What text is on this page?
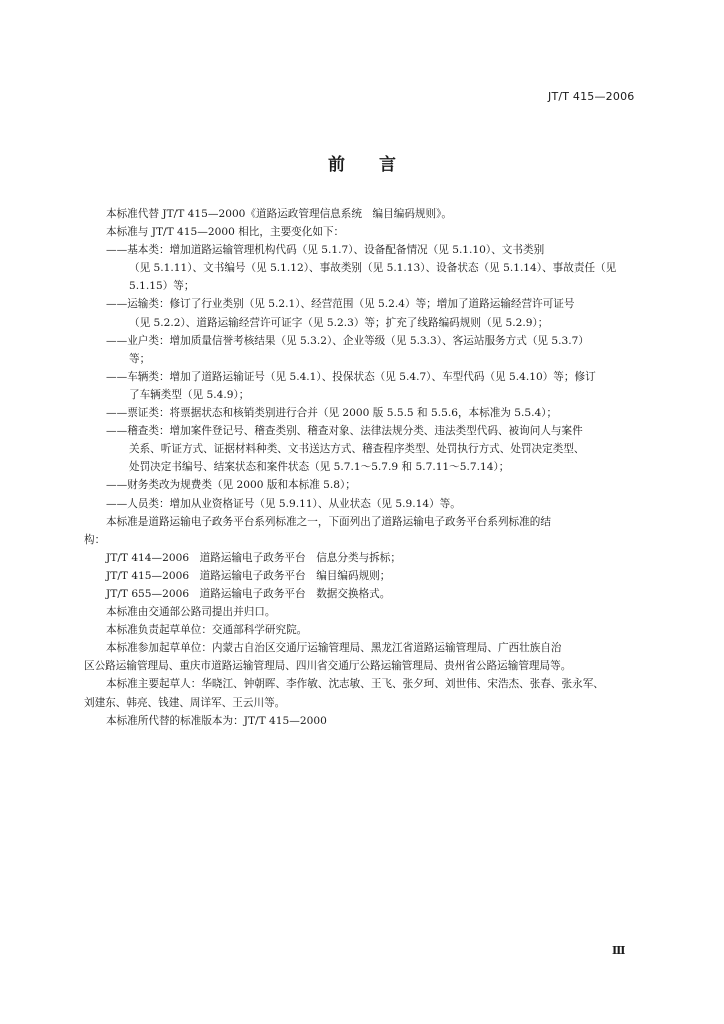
JT/T 415—2006
前 言

本标准代替 JT/T 415—2000《道路运政管理信息系统　编目编码规则》。

本标准与 JT/T 415—2000 相比，主要变化如下：

——基本类：增加道路运输管理机构代码（见 5.1.7）、设备配备情况（见 5.1.10）、文书类别

（见 5.1.11）、文书编号（见 5.1.12）、事故类别（见 5.1.13）、设备状态（见 5.1.14）、事故责任（见

5.1.15）等；

——运输类：修订了行业类别（见 5.2.1）、经营范围（见 5.2.4）等；增加了道路运输经营许可证号

（见 5.2.2）、道路运输经营许可证字（见 5.2.3）等；扩充了线路编码规则（见 5.2.9）；

——业户类：增加质量信誉考核结果（见 5.3.2）、企业等级（见 5.3.3）、客运站服务方式（见 5.3.7）

等；

——车辆类：增加了道路运输证号（见 5.4.1）、投保状态（见 5.4.7）、车型代码（见 5.4.10）等；修订

了车辆类型（见 5.4.9）；

——票证类：将票据状态和核销类别进行合并（见 2000 版 5.5.5 和 5.5.6，本标准为 5.5.4）；

——稽查类：增加案件登记号、稽查类别、稽查对象、法律法规分类、违法类型代码、被询问人与案件

关系、听证方式、证据材料种类、文书送达方式、稽查程序类型、处罚执行方式、处罚决定类型、

处罚决定书编号、结案状态和案件状态（见 5.7.1～5.7.9 和 5.7.11～5.7.14）；

——财务类改为规费类（见 2000 版和本标准 5.8）；

——人员类：增加从业资格证号（见 5.9.11）、从业状态（见 5.9.14）等。

本标准是道路运输电子政务平台系列标准之一，下面列出了道路运输电子政务平台系列标准的结

构：

JT/T 414—2006　道路运输电子政务平台　信息分类与拆标；

JT/T 415—2006　道路运输电子政务平台　编目编码规则；

JT/T 655—2006　道路运输电子政务平台　数据交换格式。

本标准由交通部公路司提出并归口。

本标准负责起草单位：交通部科学研究院。

本标准参加起草单位：内蒙古自治区交通厅运输管理局、黑龙江省道路运输管理局、广西壮族自治

区公路运输管理局、重庆市道路运输管理局、四川省交通厅公路运输管理局、贵州省公路运输管理局等。

本标准主要起草人：华晓江、钟朝晖、李作敏、沈志敏、王飞、张夕珂、刘世伟、宋浩杰、张春、张永军、

刘建东、韩亮、钱建、周详军、王云川等。

本标准所代替的标准版本为：JT/T 415—2000

Ⅲ
